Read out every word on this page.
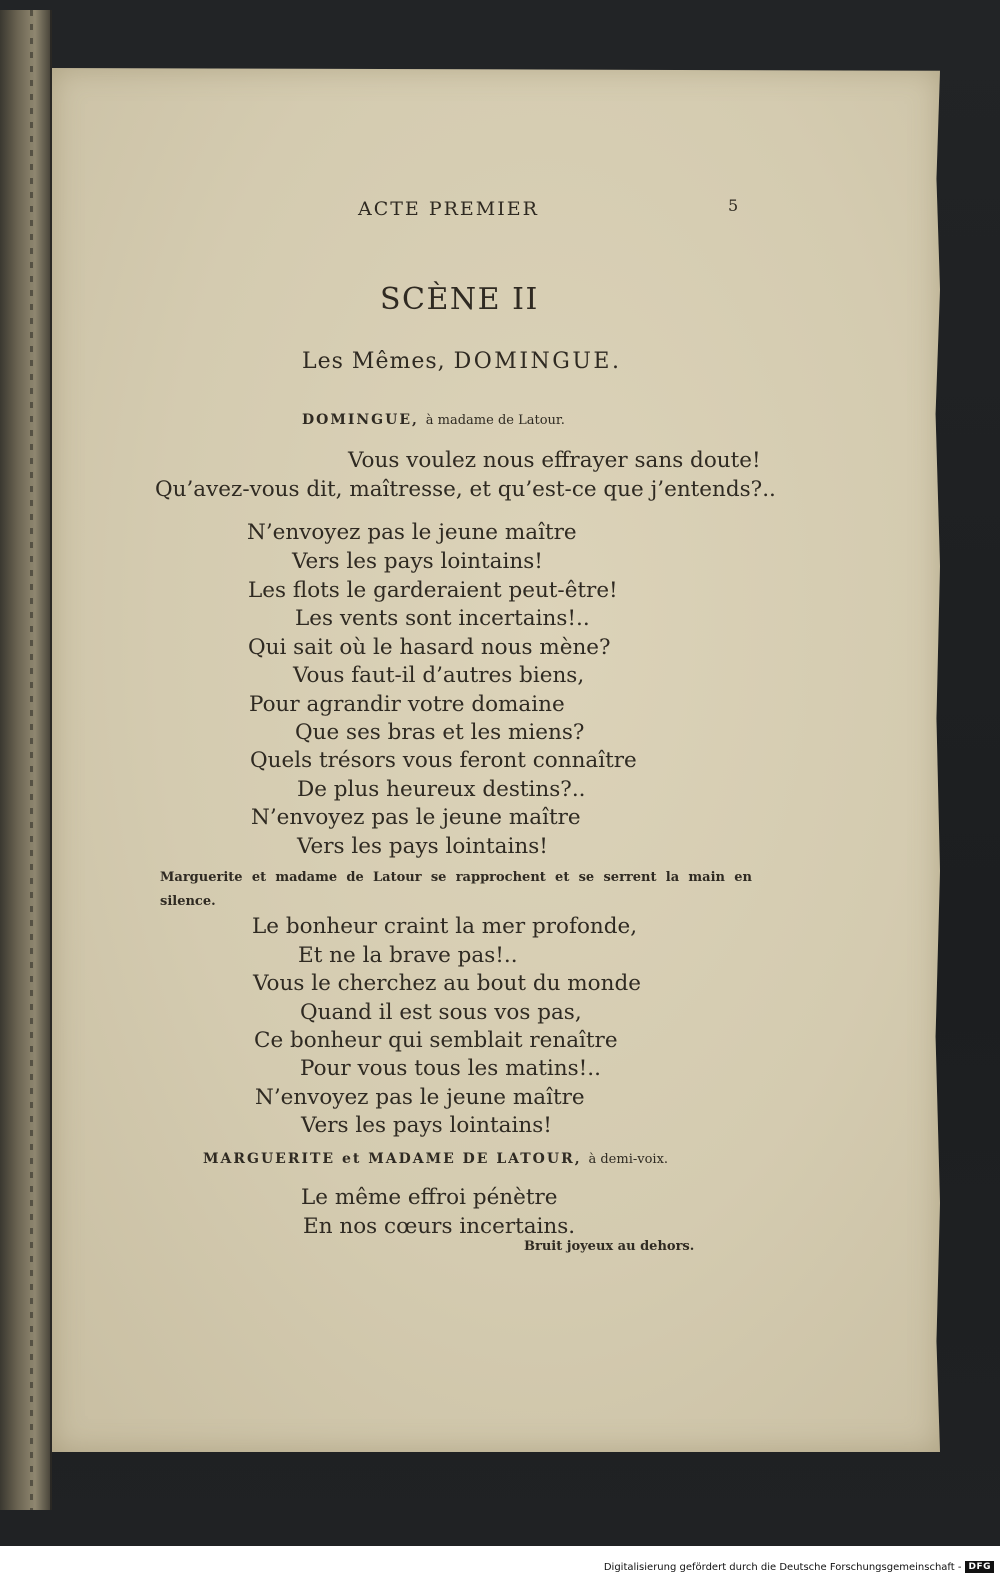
ACTE PREMIER	5
SCÈNE II
Les Mêmes, DOMINGUE.
DOMINGUE, à madame de Latour.
Vous voulez nous effrayer sans doute!
Qu’avez-vous dit, maîtresse, et qu’est-ce que j’entends?..
N’envoyez pas le jeune maître
Vers les pays lointains!
Les flots le garderaient peut-être!
Les vents sont incertains!..
Qui sait où le hasard nous mène?
Vous faut-il d’autres biens,
Pour agrandir votre domaine
Que ses bras et les miens?
Quels trésors vous feront connaître
De plus heureux destins?..
N’envoyez pas le jeune maître
Vers les pays lointains!
Marguerite et madame de Latour se rapprochent et se serrent la main en silence.
Le bonheur craint la mer profonde,
Et ne la brave pas!..
Vous le cherchez au bout du monde
Quand il est sous vos pas,
Ce bonheur qui semblait renaître
Pour vous tous les matins!..
N’envoyez pas le jeune maître
Vers les pays lointains!
MARGUERITE et MADAME DE LATOUR, à demi-voix.
Le même effroi pénètre
En nos cœurs incertains.
Bruit joyeux au dehors.
Digitalisierung gefördert durch die Deutsche Forschungsgemeinschaft - DFG
